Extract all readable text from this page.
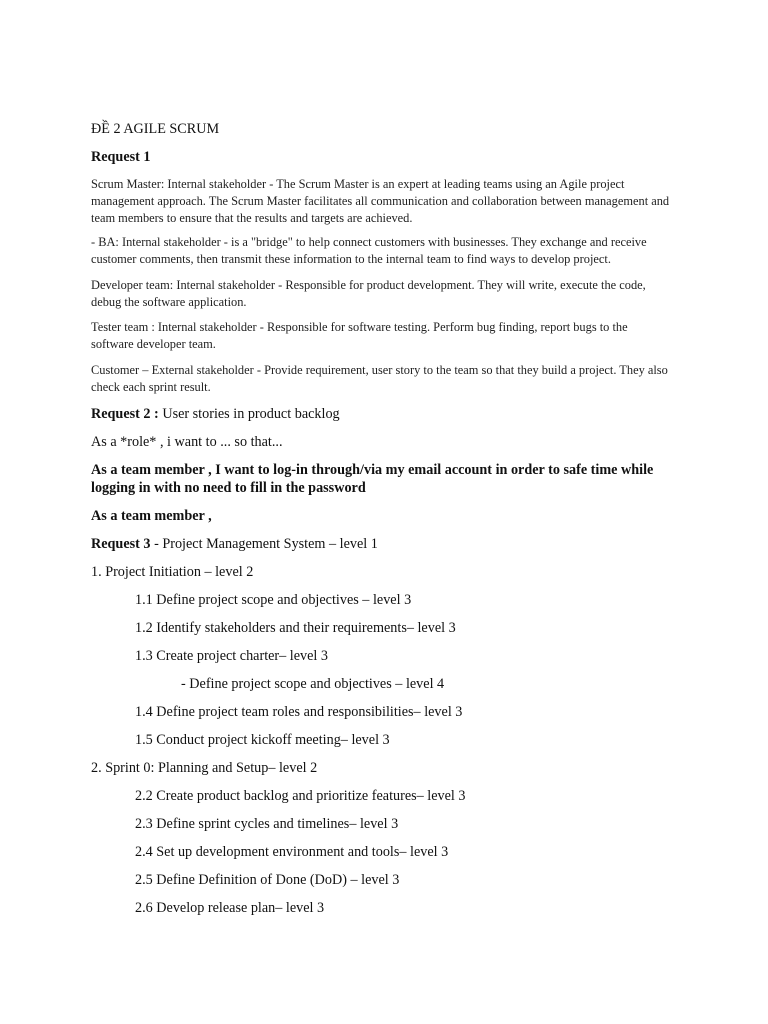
ĐỀ 2 AGILE SCRUM

Request 1

Scrum Master: Internal stakeholder - The Scrum Master is an expert at leading teams using an Agile project
management approach. The Scrum Master facilitates all communication and collaboration between management and
team members to ensure that the results and targets are achieved.
- BA: Internal stakeholder - is a "bridge" to help connect customers with businesses. They exchange and receive
customer comments, then transmit these information to the internal team to find ways to develop project.
Developer team: Internal stakeholder - Responsible for product development. They will write, execute the code,
debug the software application.
Tester team : Internal stakeholder - Responsible for software testing. Perform bug finding, report bugs to the
software developer team.
Customer – External stakeholder - Provide requirement, user story to the team so that they build a project. They also
check each sprint result.

Request 2 : User stories in product backlog

As a *role* , i want to ... so that...

As a team member , I want to log-in through/via my email account in order to safe time while
logging in with no need to fill in the password

As a team member ,

Request 3 - Project Management System – level 1

1. Project Initiation – level 2

1.1 Define project scope and objectives – level 3

1.2 Identify stakeholders and their requirements– level 3

1.3 Create project charter– level 3

- Define project scope and objectives – level 4

1.4 Define project team roles and responsibilities– level 3

1.5 Conduct project kickoff meeting– level 3

2. Sprint 0: Planning and Setup– level 2

2.2 Create product backlog and prioritize features– level 3

2.3 Define sprint cycles and timelines– level 3

2.4 Set up development environment and tools– level 3

2.5 Define Definition of Done (DoD) – level 3

2.6 Develop release plan– level 3
